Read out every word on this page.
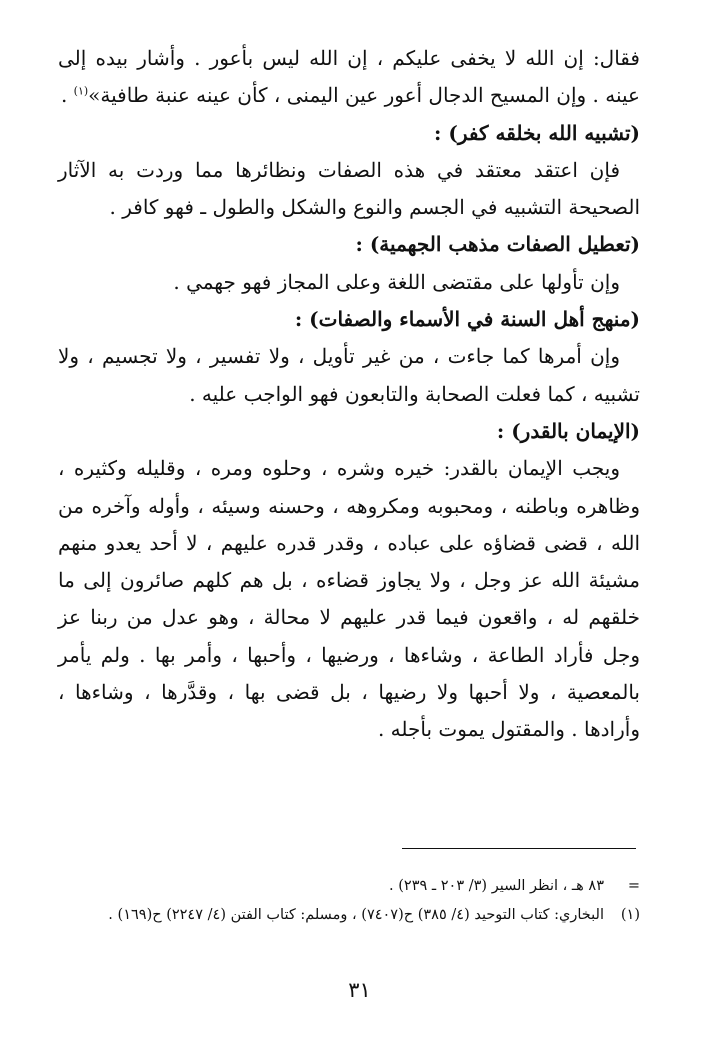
فقال: إن الله لا يخفى عليكم ، إن الله ليس بأعور . وأشار بيده إلى عينه . وإن المسيح الدجال أعور عين اليمنى ، كأن عينه عنبة طافية»$^{(١)}$ .

(تشبيه الله بخلقه كفر) :

فإن اعتقد معتقد في هذه الصفات ونظائرها مما وردت به الآثار الصحيحة التشبيه في الجسم والنوع والشكل والطول ـ فهو كافر .

(تعطيل الصفات مذهب الجهمية) :

وإن تأولها على مقتضى اللغة وعلى المجاز فهو جهمي .

(منهج أهل السنة في الأسماء والصفات) :

وإن أمرها كما جاءت ، من غير تأويل ، ولا تفسير ، ولا تجسيم ، ولا تشبيه ، كما فعلت الصحابة والتابعون فهو الواجب عليه .

(الإيمان بالقدر) :

ويجب الإيمان بالقدر: خيره وشره ، وحلوه ومره ، وقليله وكثيره ، وظاهره وباطنه ، ومحبوبه ومكروهه ، وحسنه وسيئه ، وأوله وآخره من الله ، قضى قضاؤه على عباده ، وقدر قدره عليهم ، لا أحد يعدو منهم مشيئة الله عز وجل ، ولا يجاوز قضاءه ، بل هم كلهم صائرون إلى ما خلقهم له ، واقعون فيما قدر عليهم لا محالة ، وهو عدل من ربنا عز وجل فأراد الطاعة ، وشاءها ، ورضيها ، وأحبها ، وأمر بها . ولم يأمر بالمعصية ، ولا أحبها ولا رضيها ، بل قضى بها ، وقدَّرها ، وشاءها ، وأرادها . والمقتول يموت بأجله .

=
٨٣ هـ ، انظر السير (٣/ ٢٠٣ ـ ٢٣٩) .
(١)
البخاري: كتاب التوحيد (٤/ ٣٨٥) ح(٧٤٠٧) ، ومسلم: كتاب الفتن (٤/ ٢٢٤٧) ح(١٦٩) .
٣١
